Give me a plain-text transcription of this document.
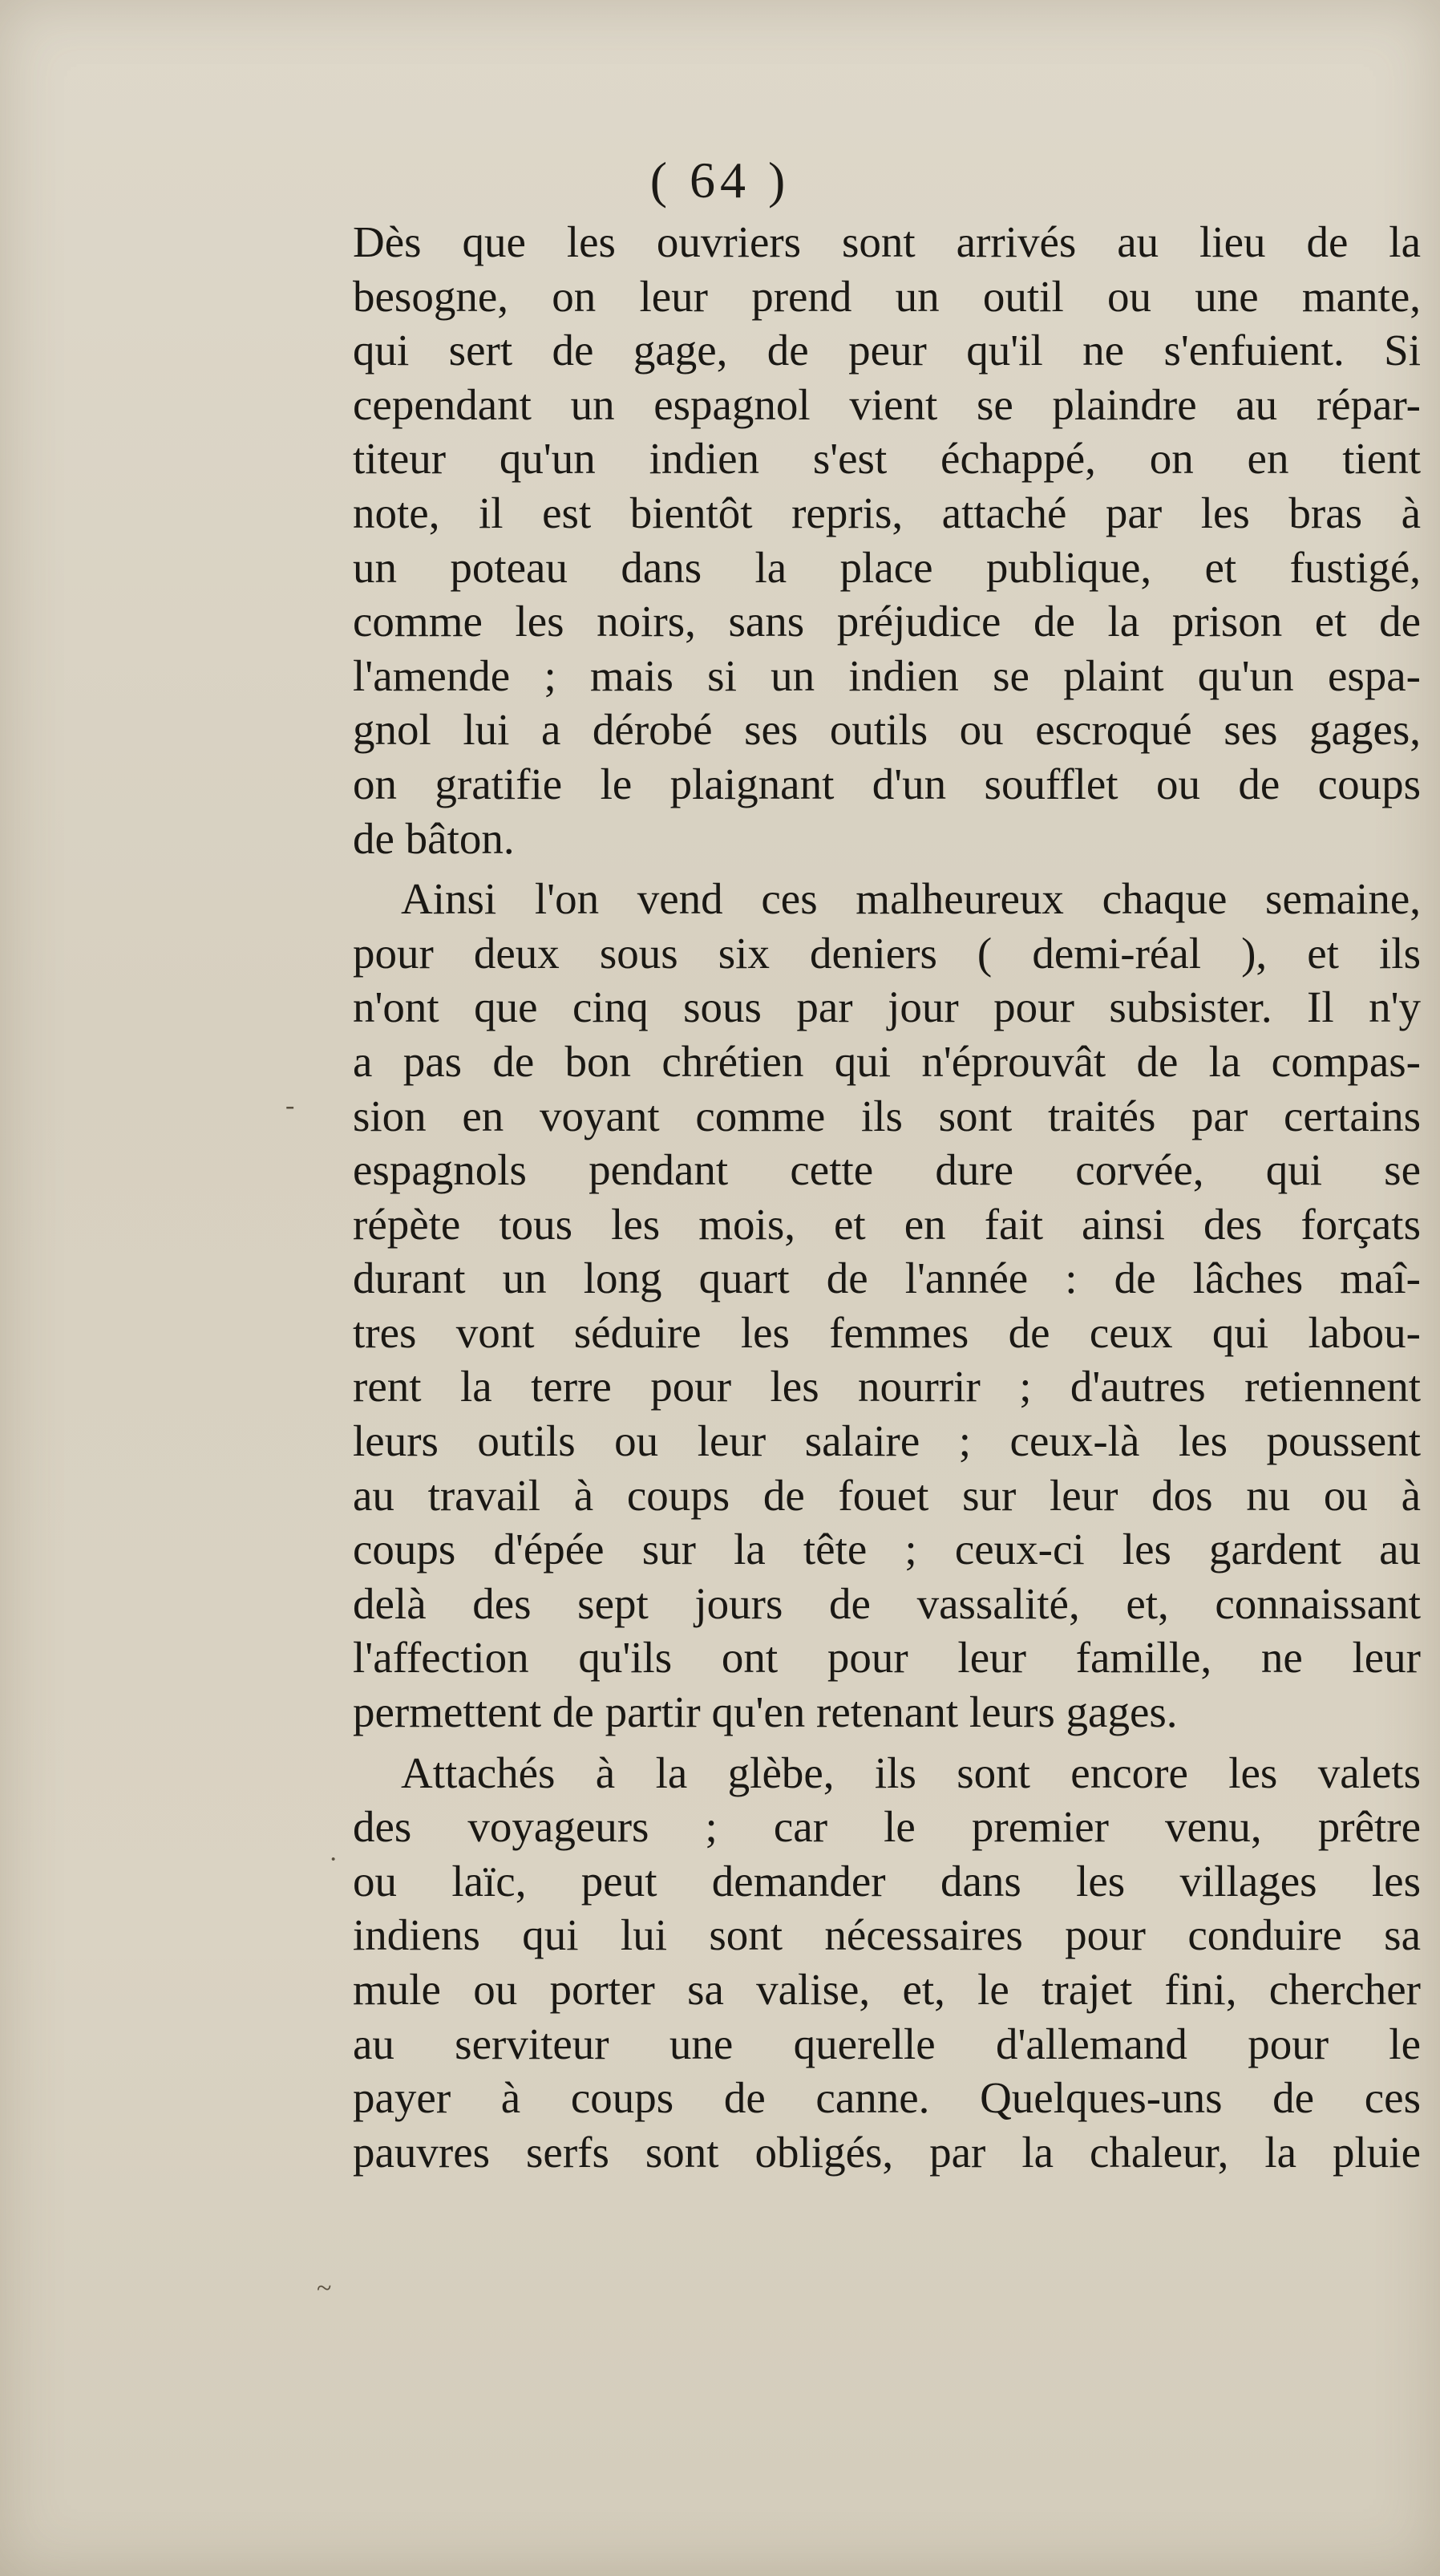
( 64 )
Dès que les ouvriers sont arrivés au lieu de la
besogne, on leur prend un outil ou une mante,
qui sert de gage, de peur qu'il ne s'enfuient. Si
cependant un espagnol vient se plaindre au répar-
titeur qu'un indien s'est échappé, on en tient
note, il est bientôt repris, attaché par les bras à
un poteau dans la place publique, et fustigé,
comme les noirs, sans préjudice de la prison et de
l'amende ; mais si un indien se plaint qu'un espa-
gnol lui a dérobé ses outils ou escroqué ses gages,
on gratifie le plaignant d'un soufflet ou de coups
de bâton.
Ainsi l'on vend ces malheureux chaque semaine,
pour deux sous six deniers ( demi-réal ), et ils
n'ont que cinq sous par jour pour subsister. Il n'y
a pas de bon chrétien qui n'éprouvât de la compas-
sion en voyant comme ils sont traités par certains
espagnols pendant cette dure corvée, qui se
répète tous les mois, et en fait ainsi des forçats
durant un long quart de l'année : de lâches maî-
tres vont séduire les femmes de ceux qui labou-
rent la terre pour les nourrir ; d'autres retiennent
leurs outils ou leur salaire ; ceux-là les poussent
au travail à coups de fouet sur leur dos nu ou à
coups d'épée sur la tête ; ceux-ci les gardent au
delà des sept jours de vassalité, et, connaissant
l'affection qu'ils ont pour leur famille, ne leur
permettent de partir qu'en retenant leurs gages.
Attachés à la glèbe, ils sont encore les valets
des voyageurs ; car le premier venu, prêtre
ou laïc, peut demander dans les villages les
indiens qui lui sont nécessaires pour conduire sa
mule ou porter sa valise, et, le trajet fini, chercher
au serviteur une querelle d'allemand pour le
payer à coups de canne. Quelques-uns de ces
pauvres serfs sont obligés, par la chaleur, la pluie
-
·
~
